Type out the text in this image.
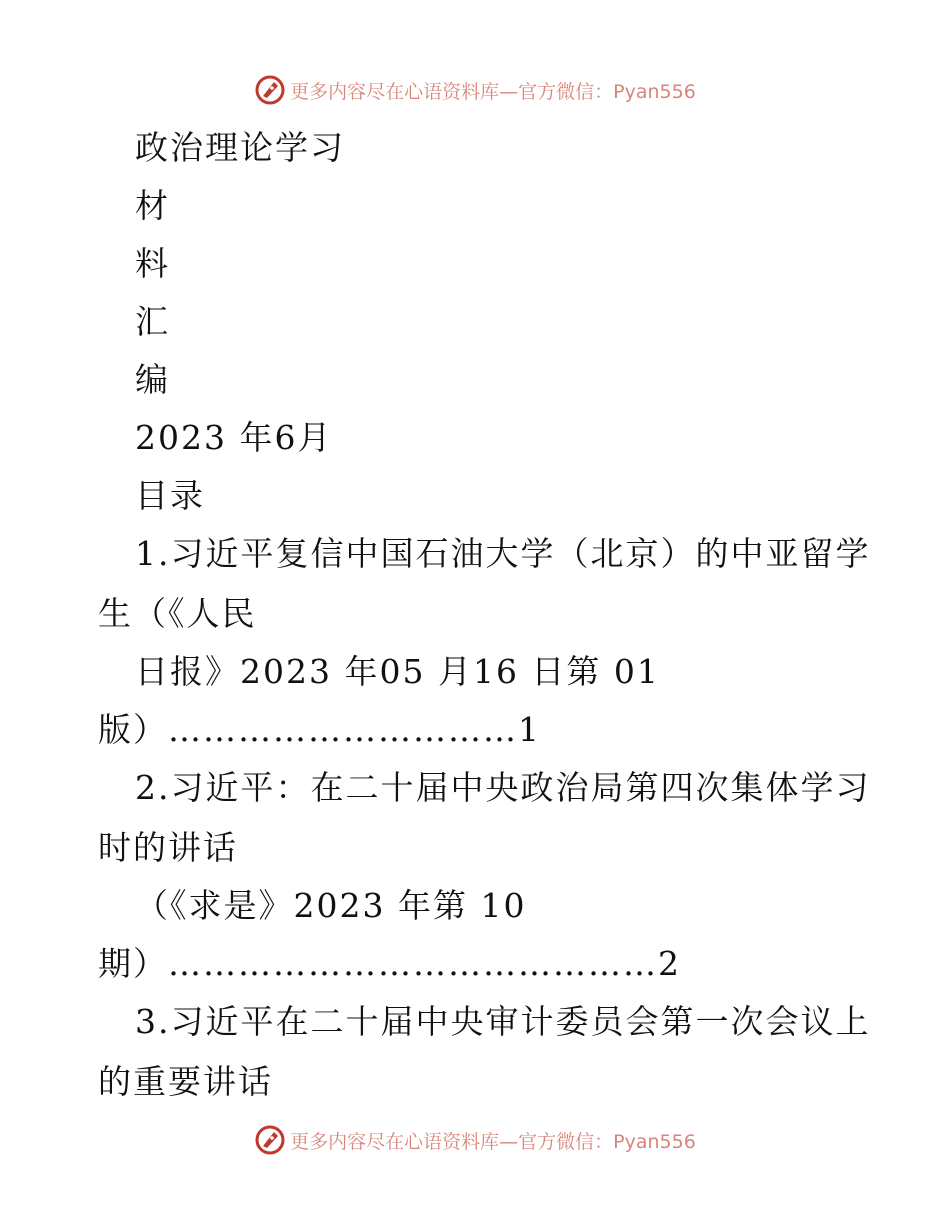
更多内容尽在心语资料库—官方微信：Pyan556
政治理论学习
材
料
汇
编
2023 年6月
目录
1.习近平复信中国石油大学（北京）的中亚留学
生（《人民
日报》2023 年05 月16 日第 01
版）…………………………1
2.习近平：在二十届中央政治局第四次集体学习
时的讲话
（《求是》2023 年第 10
期）……………………………………2
3.习近平在二十届中央审计委员会第一次会议上
的重要讲话
更多内容尽在心语资料库—官方微信：Pyan556
